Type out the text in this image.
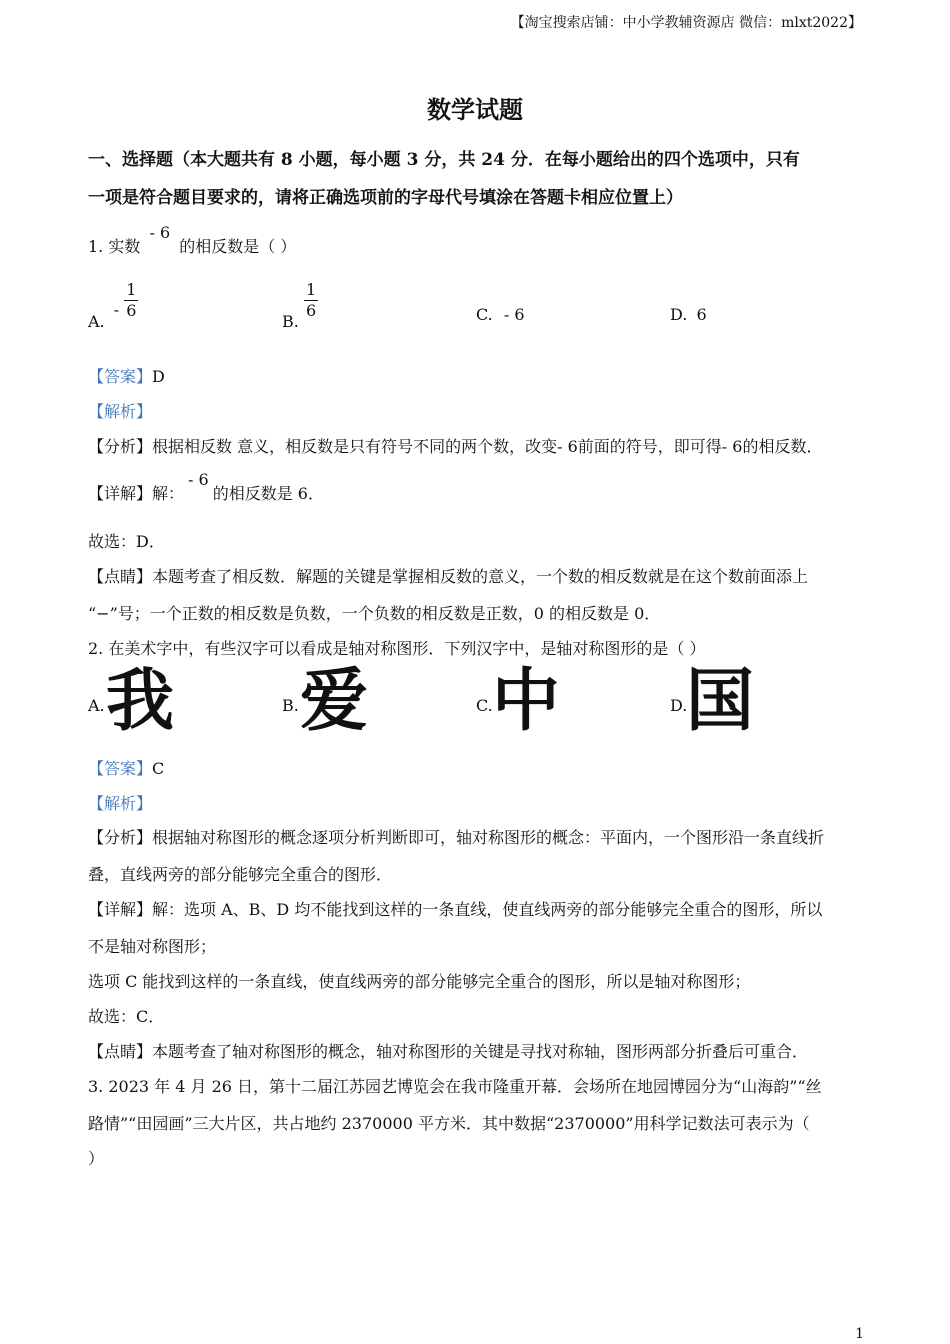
【淘宝搜索店铺：中小学教辅资源店 微信：mlxt2022】
数学试题
一、选择题（本大题共有 8 小题，每小题 3 分，共 24 分．在每小题给出的四个选项中，只有
一项是符合题目要求的，请将正确选项前的字母代号填涂在答题卡相应位置上）
1. 实数 - 6 的相反数是（ ）
A. - $\frac{1}{6}$
B.
$\frac{1}{6}$	C. - 6	D. 6
【答案】D
【解析】
【分析】根据相反数 意义，相反数是只有符号不同的两个数，改变- 6前面的符号，即可得- 6的相反数．
【详解】解：- 6的相反数是 6．
故选：D．
【点睛】本题考查了相反数．解题的关键是掌握相反数的意义，一个数的相反数就是在这个数前面添上
“−”号；一个正数的相反数是负数，一个负数的相反数是正数，0 的相反数是 0．
2. 在美术字中，有些汉字可以看成是轴对称图形．下列汉字中，是轴对称图形的是（ ）
A. 我	B. 爱	C. 中	D.
国
【答案】C
【解析】
【分析】根据轴对称图形的概念逐项分析判断即可，轴对称图形的概念：平面内，一个图形沿一条直线折
叠，直线两旁的部分能够完全重合的图形．
【详解】解：选项 A、B、D 均不能找到这样的一条直线，使直线两旁的部分能够完全重合的图形，所以
不是轴对称图形；
选项 C 能找到这样的一条直线，使直线两旁的部分能够完全重合的图形，所以是轴对称图形；
故选：C．
【点睛】本题考查了轴对称图形的概念，轴对称图形的关键是寻找对称轴，图形两部分折叠后可重合．
3. 2023 年 4 月 26 日，第十二届江苏园艺博览会在我市隆重开幕．会场所在地园博园分为“山海韵”“丝
路情”“田园画”三大片区，共占地约 2370000 平方米．其中数据“2370000”用科学记数法可表示为（
）
1
